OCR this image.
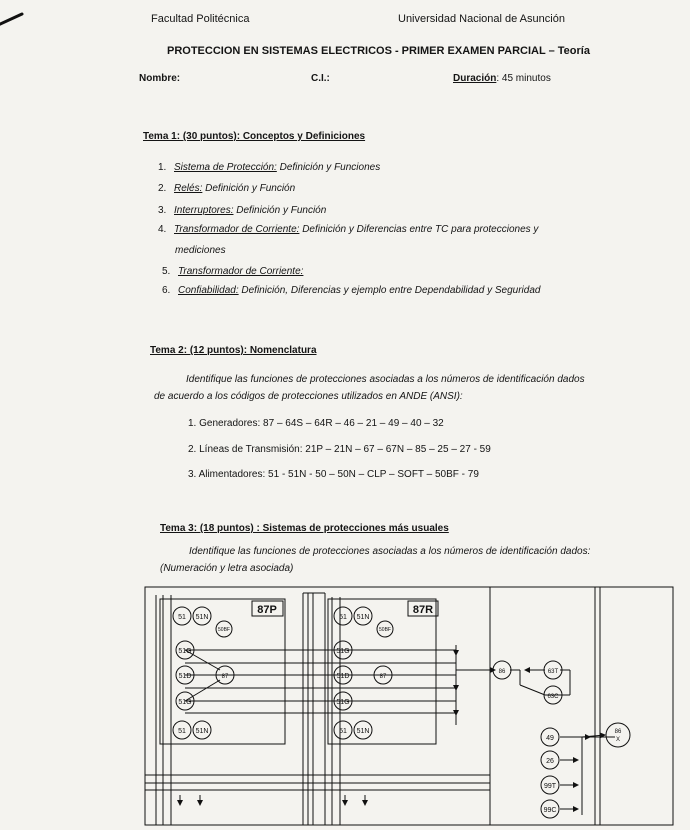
Facultad Politécnica	Universidad Nacional de Asunción
PROTECCION EN SISTEMAS ELECTRICOS - PRIMER EXAMEN PARCIAL – Teoría
Nombre:	C.I.:	Duración: 45 minutos
Tema 1: (30 puntos): Conceptos y Definiciones
1. Sistema de Protección: Definición y Funciones
2. Relés: Definición y Función
3. Interruptores: Definición y Función
4. Transformador de Corriente: Definición y Diferencias entre TC para protecciones y
mediciones
5. Transformador de Corriente:
6. Confiabilidad: Definición, Diferencias y ejemplo entre Dependabilidad y Seguridad
Tema 2: (12 puntos): Nomenclatura
Identifique las funciones de protecciones asociadas a los números de identificación dados
de acuerdo a los códigos de protecciones utilizados en ANDE (ANSI):
1. Generadores: 87 – 64S – 64R – 46 – 21 – 49 – 40 – 32
2. Líneas de Transmisión: 21P – 21N – 67 – 67N – 85 – 25 – 27 - 59
3. Alimentadores: 51 - 51N - 50 – 50N – CLP – SOFT – 50BF - 79
Tema 3: (18 puntos) : Sistemas de protecciones más usuales
Identifique las funciones de protecciones asociadas a los números de identificación dados:
(Numeración y letra asociada)
87P	87R
51 51N
50BF
51G
51D	87
51G
51 51N
51 51N
50BF
51G
51D	87
51G
51 51N
86	63T
63C
49
26
99T
99C
86
X
